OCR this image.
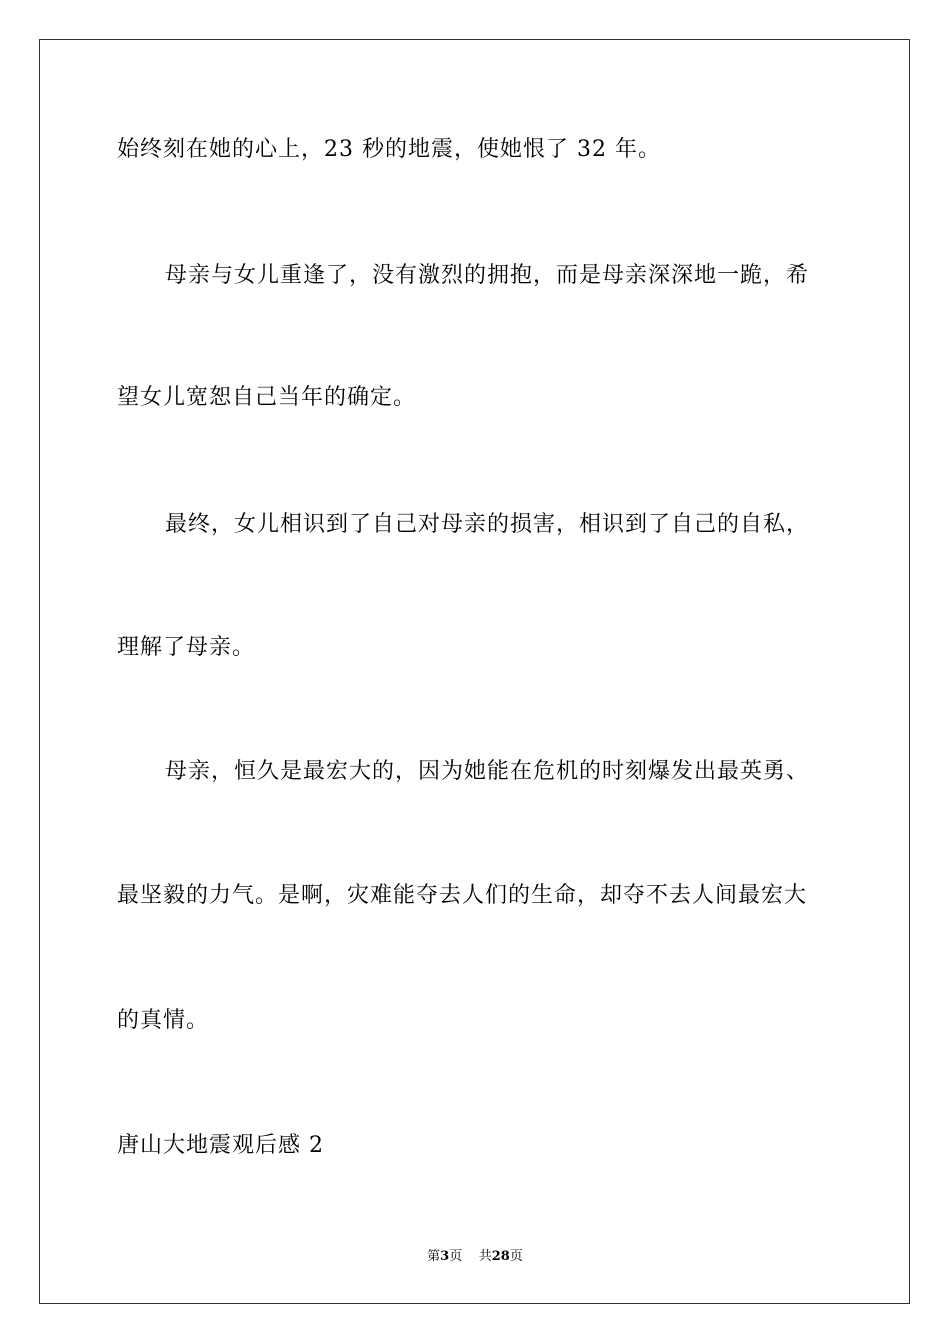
始终刻在她的心上，23 秒的地震，使她恨了 32 年。
母亲与女儿重逢了，没有激烈的拥抱，而是母亲深深地一跪，希
望女儿宽恕自己当年的确定。
最终，女儿相识到了自己对母亲的损害，相识到了自己的自私，
理解了母亲。
母亲，恒久是最宏大的，因为她能在危机的时刻爆发出最英勇、
最坚毅的力气。是啊，灾难能夺去人们的生命，却夺不去人间最宏大
的真情。
唐山大地震观后感 2
第3页 共28页
